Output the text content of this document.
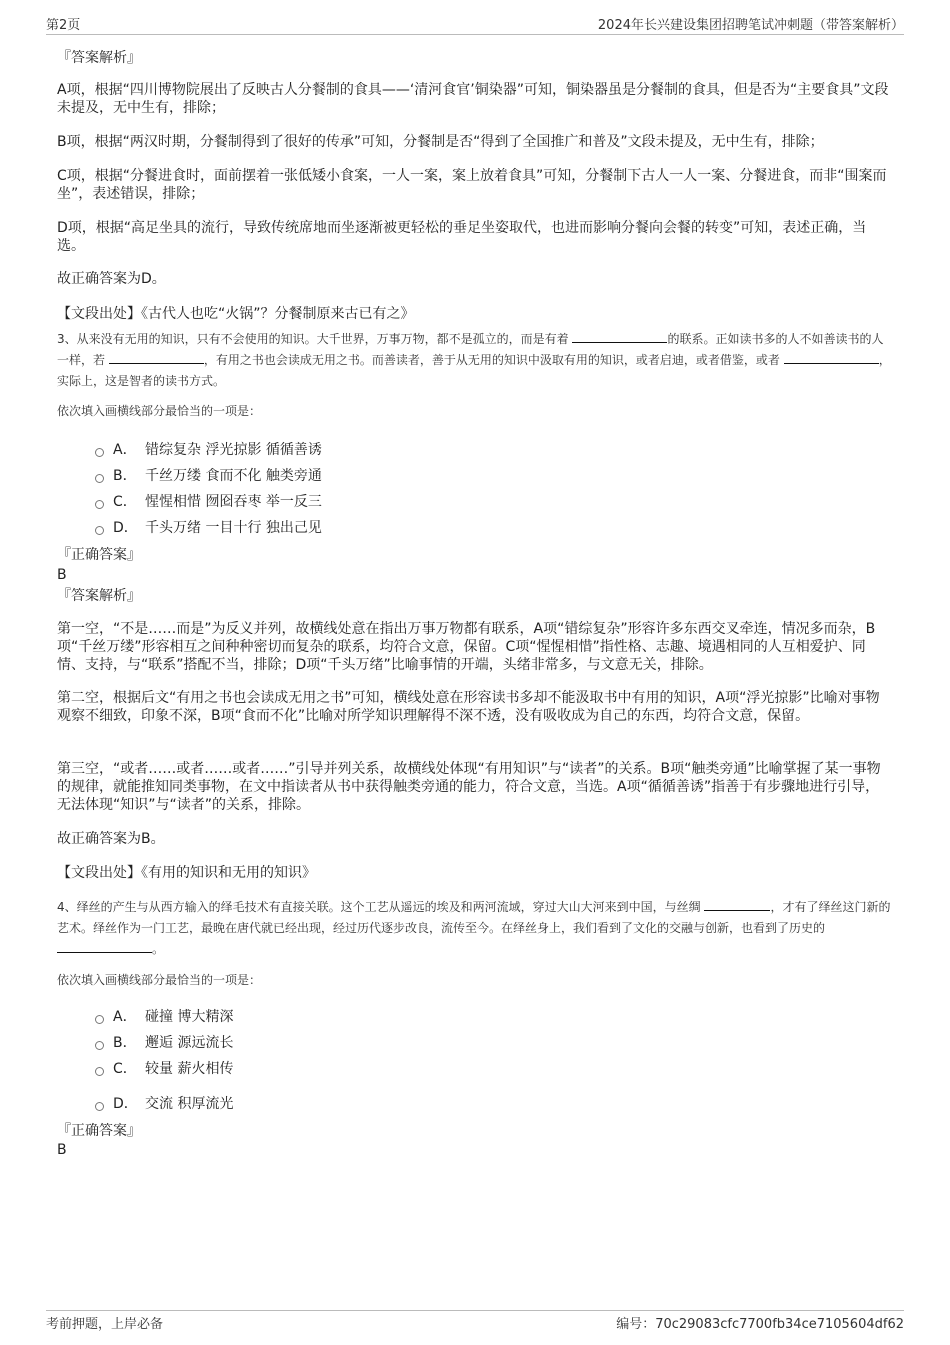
第2页	2024年长兴建设集团招聘笔试冲刺题（带答案解析）
『答案解析』
A项，根据“四川博物院展出了反映古人分餐制的食具——‘清河食官’铜染器”可知，铜染器虽是分餐制的食具，但是否为“主要食具”文段未提及，无中生有，排除；
B项，根据“两汉时期，分餐制得到了很好的传承”可知，分餐制是否“得到了全国推广和普及”文段未提及，无中生有，排除；
C项，根据“分餐进食时，面前摆着一张低矮小食案，一人一案，案上放着食具”可知，分餐制下古人一人一案、分餐进食，而非“围案而坐”，表述错误，排除；
D项，根据“高足坐具的流行，导致传统席地而坐逐渐被更轻松的垂足坐姿取代，也进而影响分餐向会餐的转变”可知，表述正确，当选。
故正确答案为D。
【文段出处】《古代人也吃“火锅”？分餐制原来古已有之》
3、从来没有无用的知识，只有不会使用的知识。大千世界，万事万物，都不是孤立的，而是有着	的联系。正如读书多的人不如善读书的人一样，若	，有用之书也会读成无用之书。而善读者，善于从无用的知识中汲取有用的知识，或者启迪，或者借鉴，或者	，实际上，这是智者的读书方式。
依次填入画横线部分最恰当的一项是：
A． 错综复杂 浮光掠影 循循善诱
B． 千丝万缕 食而不化 触类旁通
C． 惺惺相惜 囫囵吞枣 举一反三
D． 千头万绪 一目十行 独出己见
『正确答案』
B
『答案解析』
第一空，“不是……而是”为反义并列，故横线处意在指出万事万物都有联系，A项“错综复杂”形容许多东西交叉牵连，情况多而杂，B项“千丝万缕”形容相互之间种种密切而复杂的联系，均符合文意，保留。C项“惺惺相惜”指性格、志趣、境遇相同的人互相爱护、同情、支持，与“联系”搭配不当，排除；D项“千头万绪”比喻事情的开端，头绪非常多，与文意无关，排除。
第二空，根据后文“有用之书也会读成无用之书”可知，横线处意在形容读书多却不能汲取书中有用的知识，A项“浮光掠影”比喻对事物观察不细致，印象不深，B项“食而不化”比喻对所学知识理解得不深不透，没有吸收成为自己的东西，均符合文意，保留。
第三空，“或者……或者……或者……”引导并列关系，故横线处体现“有用知识”与“读者”的关系。B项“触类旁通”比喻掌握了某一事物的规律，就能推知同类事物，在文中指读者从书中获得触类旁通的能力，符合文意，当选。A项“循循善诱”指善于有步骤地进行引导，无法体现“知识”与“读者”的关系，排除。
故正确答案为B。
【文段出处】《有用的知识和无用的知识》
4、绎丝的产生与从西方输入的绎毛技术有直接关联。这个工艺从遥远的埃及和两河流域，穿过大山大河来到中国，与丝绸	，才有了绎丝这门新的艺术。绎丝作为一门工艺，最晚在唐代就已经出现，经过历代逐步改良，流传至今。在绎丝身上，我们看到了文化的交融与创新，也看到了历史的 。
依次填入画横线部分最恰当的一项是：
A． 碰撞 博大精深
B． 邂逅 源远流长
C． 较量 薪火相传
D． 交流 积厚流光
『正确答案』
B
考前押题，上岸必备	编号：70c29083cfc7700fb34ce7105604df62
